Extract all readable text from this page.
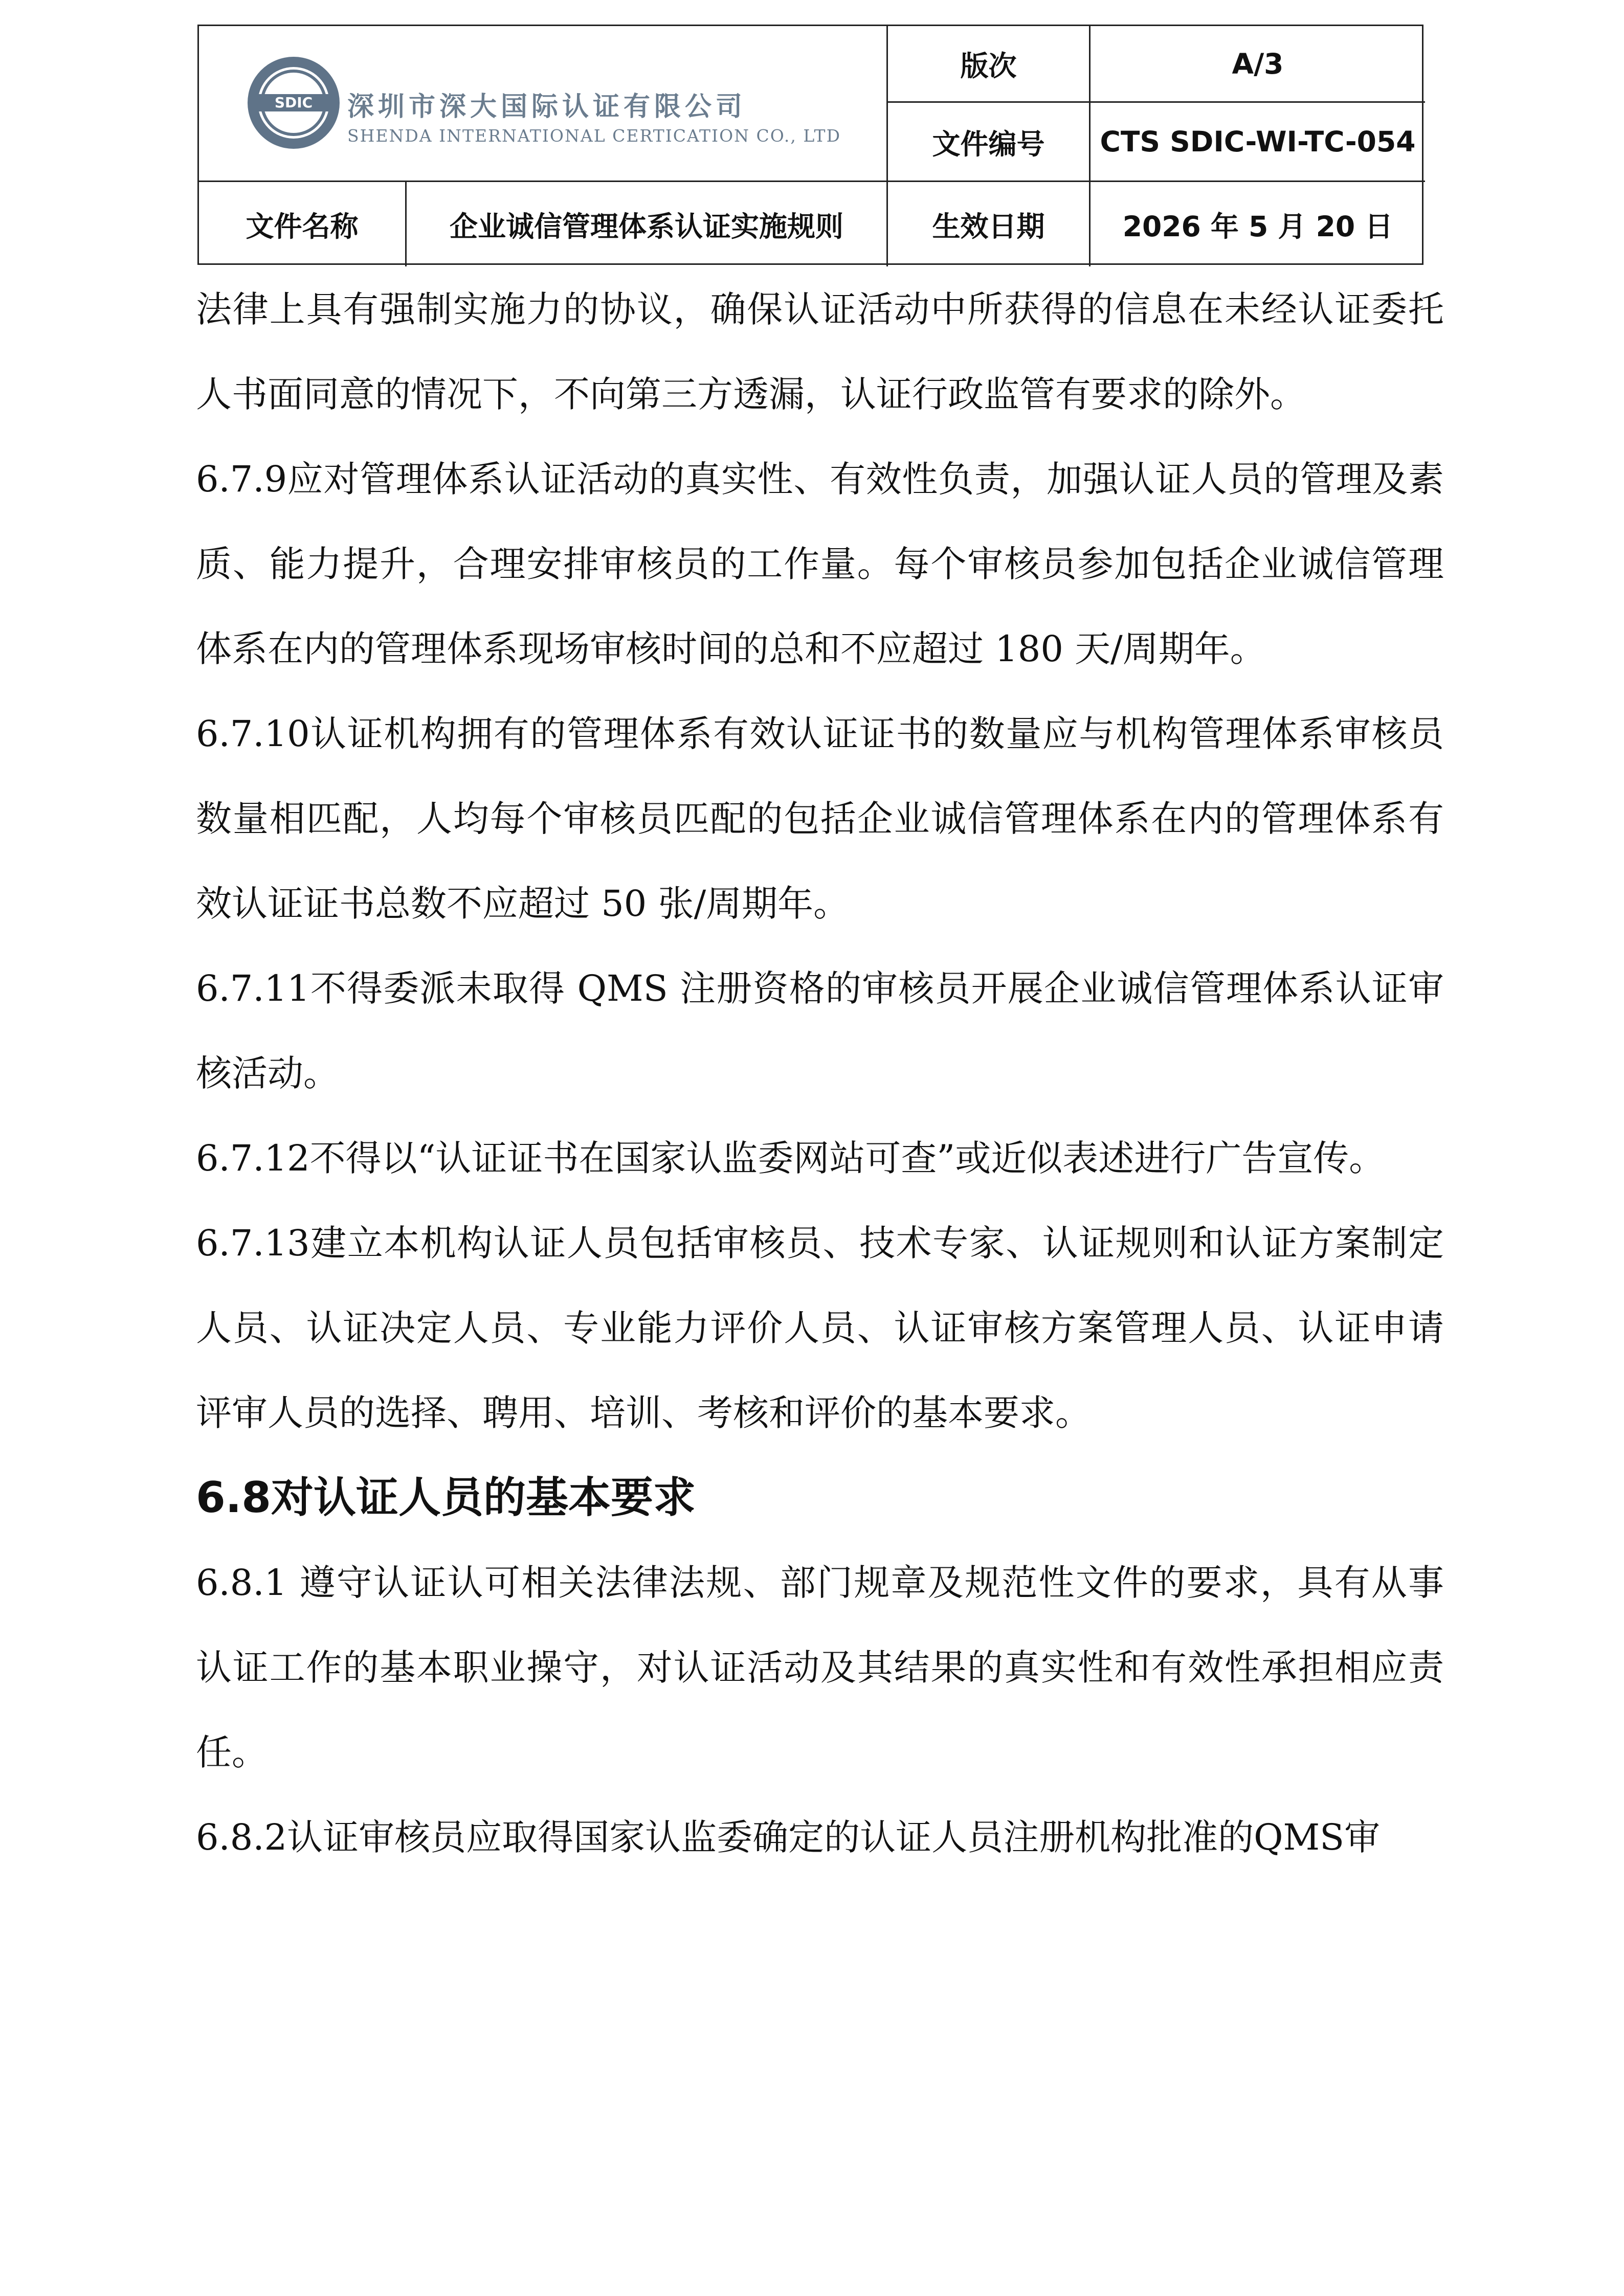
SDIC 深圳市深大国际认证有限公司
SHENDA INTERNATIONAL CERTICATION CO., LTD
版次	A/3
文件编号	CTS SDIC-WI-TC-054
文件名称	企业诚信管理体系认证实施规则	生效日期	2026 年 5 月 20 日

法律上具有强制实施力的协议，确保认证活动中所获得的信息在未经认证委托人书面同意的情况下，不向第三方透漏，认证行政监管有要求的除外。

6.7.9应对管理体系认证活动的真实性、有效性负责，加强认证人员的管理及素质、能力提升，合理安排审核员的工作量。每个审核员参加包括企业诚信管理体系在内的管理体系现场审核时间的总和不应超过 180 天/周期年。

6.7.10认证机构拥有的管理体系有效认证证书的数量应与机构管理体系审核员数量相匹配，人均每个审核员匹配的包括企业诚信管理体系在内的管理体系有效认证证书总数不应超过 50 张/周期年。

6.7.11不得委派未取得 QMS 注册资格的审核员开展企业诚信管理体系认证审核活动。

6.7.12不得以“认证证书在国家认监委网站可查”或近似表述进行广告宣传。

6.7.13建立本机构认证人员包括审核员、技术专家、认证规则和认证方案制定人员、认证决定人员、专业能力评价人员、认证审核方案管理人员、认证申请评审人员的选择、聘用、培训、考核和评价的基本要求。

6.8对认证人员的基本要求

6.8.1 遵守认证认可相关法律法规、部门规章及规范性文件的要求，具有从事认证工作的基本职业操守，对认证活动及其结果的真实性和有效性承担相应责任。

6.8.2认证审核员应取得国家认监委确定的认证人员注册机构批准的QMS审
